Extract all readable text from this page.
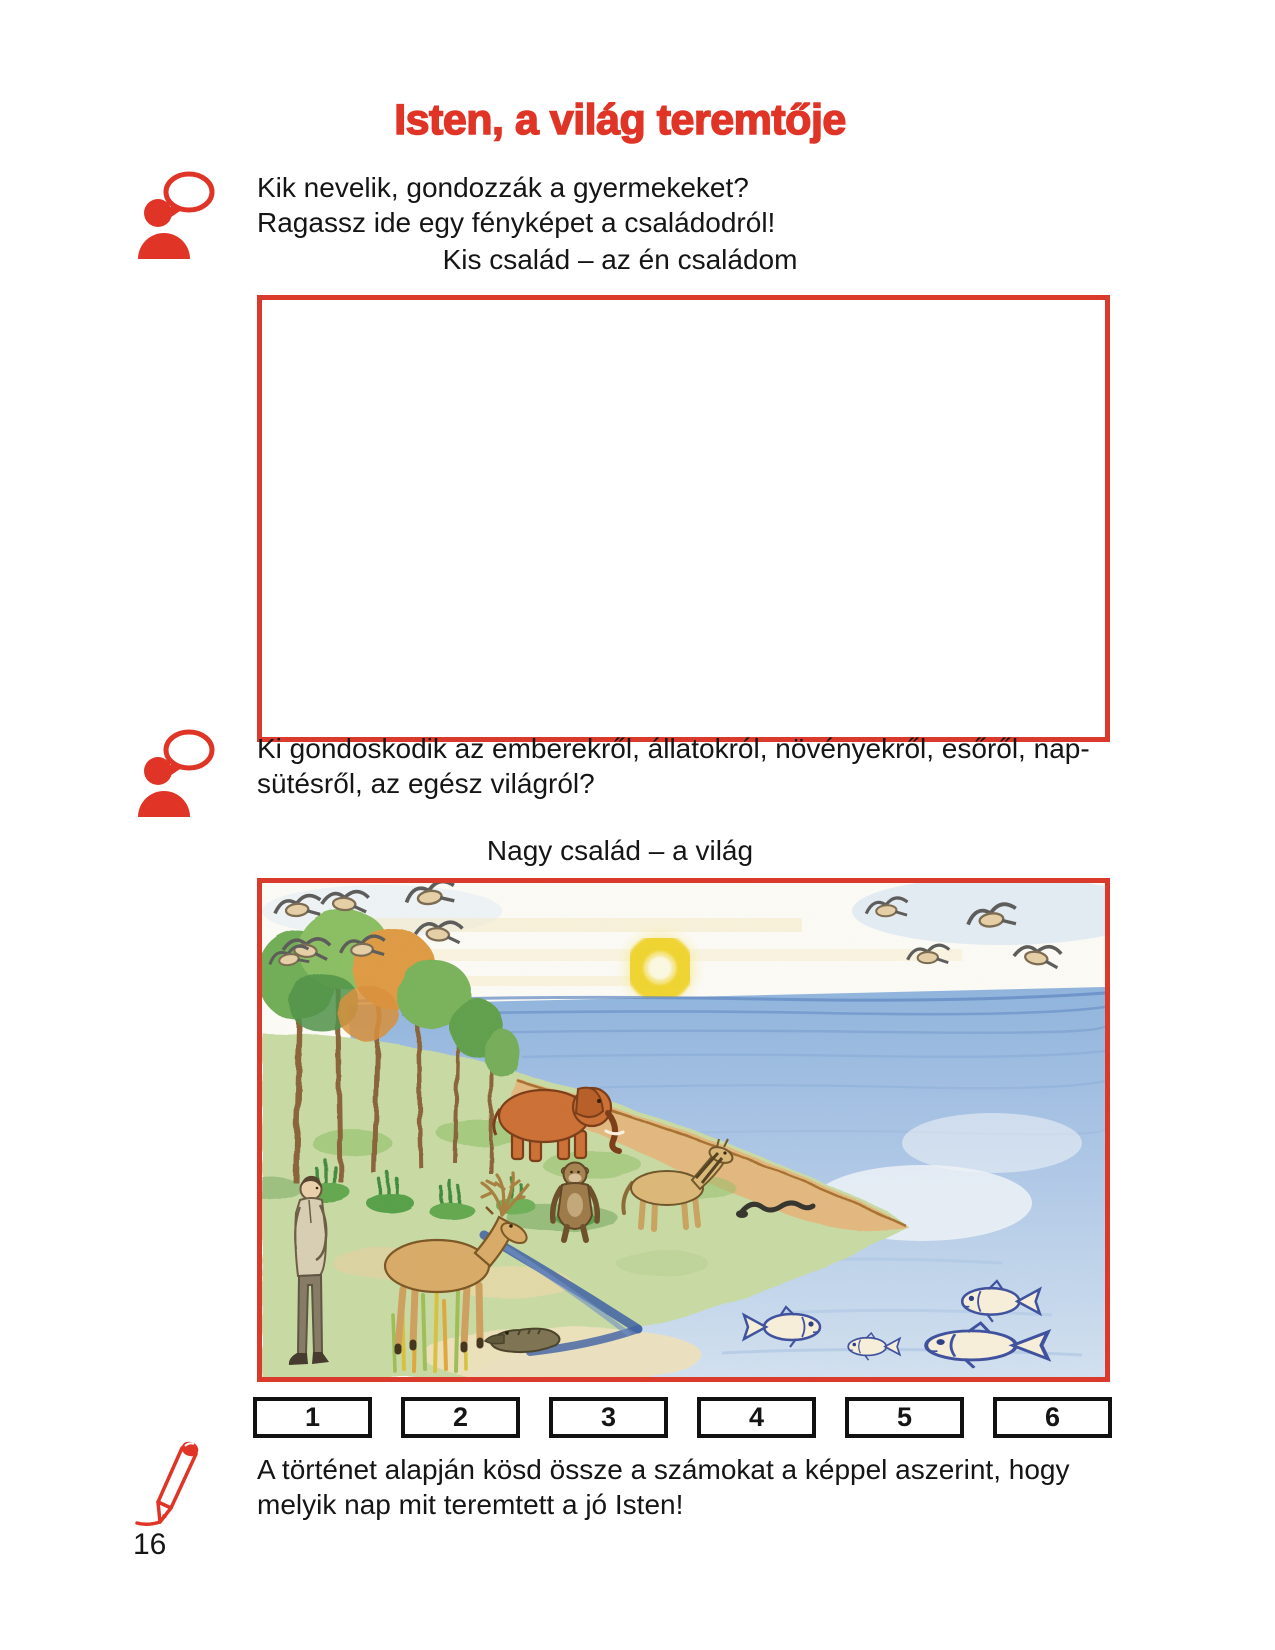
Isten, a világ teremtője
Kik nevelik, gondozzák a gyermekeket?
Ragassz ide egy fényképet a családodról!
Kis család – az én családom
Ki gondoskodik az emberekről, állatokról, növényekről, esőről, nap-
sütésről, az egész világról?
Nagy család – a világ
1	2	3	4	5	6
A történet alapján kösd össze a számokat a képpel aszerint, hogy
melyik nap mit teremtett a jó Isten!
16
